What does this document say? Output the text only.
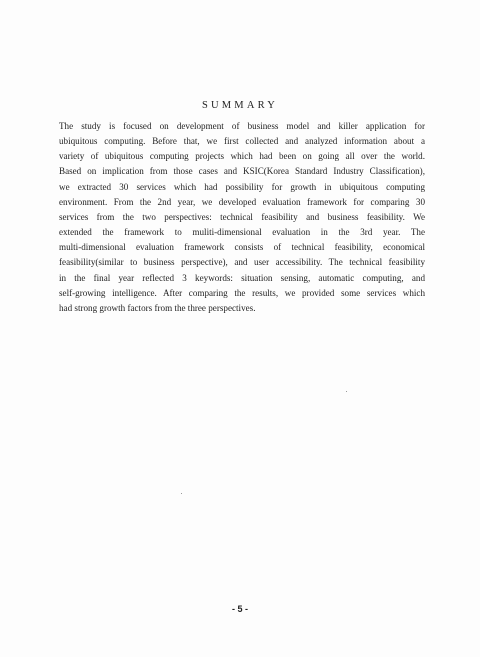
SUMMARY
The study is focused on development of business model and killer application for
ubiquitous computing. Before that, we first collected and analyzed information about a
variety of ubiquitous computing projects which had been on going all over the world.
Based on implication from those cases and KSIC(Korea Standard Industry Classification),
we extracted 30 services which had possibility for growth in ubiquitous computing
environment. From the 2nd year, we developed evaluation framework for comparing 30
services from the two perspectives: technical feasibility and business feasibility. We
extended the framework to muliti-dimensional evaluation in the 3rd year. The
multi-dimensional evaluation framework consists of technical feasibility, economical
feasibility(similar to business perspective), and user accessibility. The technical feasibility
in the final year reflected 3 keywords: situation sensing, automatic computing, and
self-growing intelligence. After comparing the results, we provided some services which
had strong growth factors from the three perspectives.
- 5 -
